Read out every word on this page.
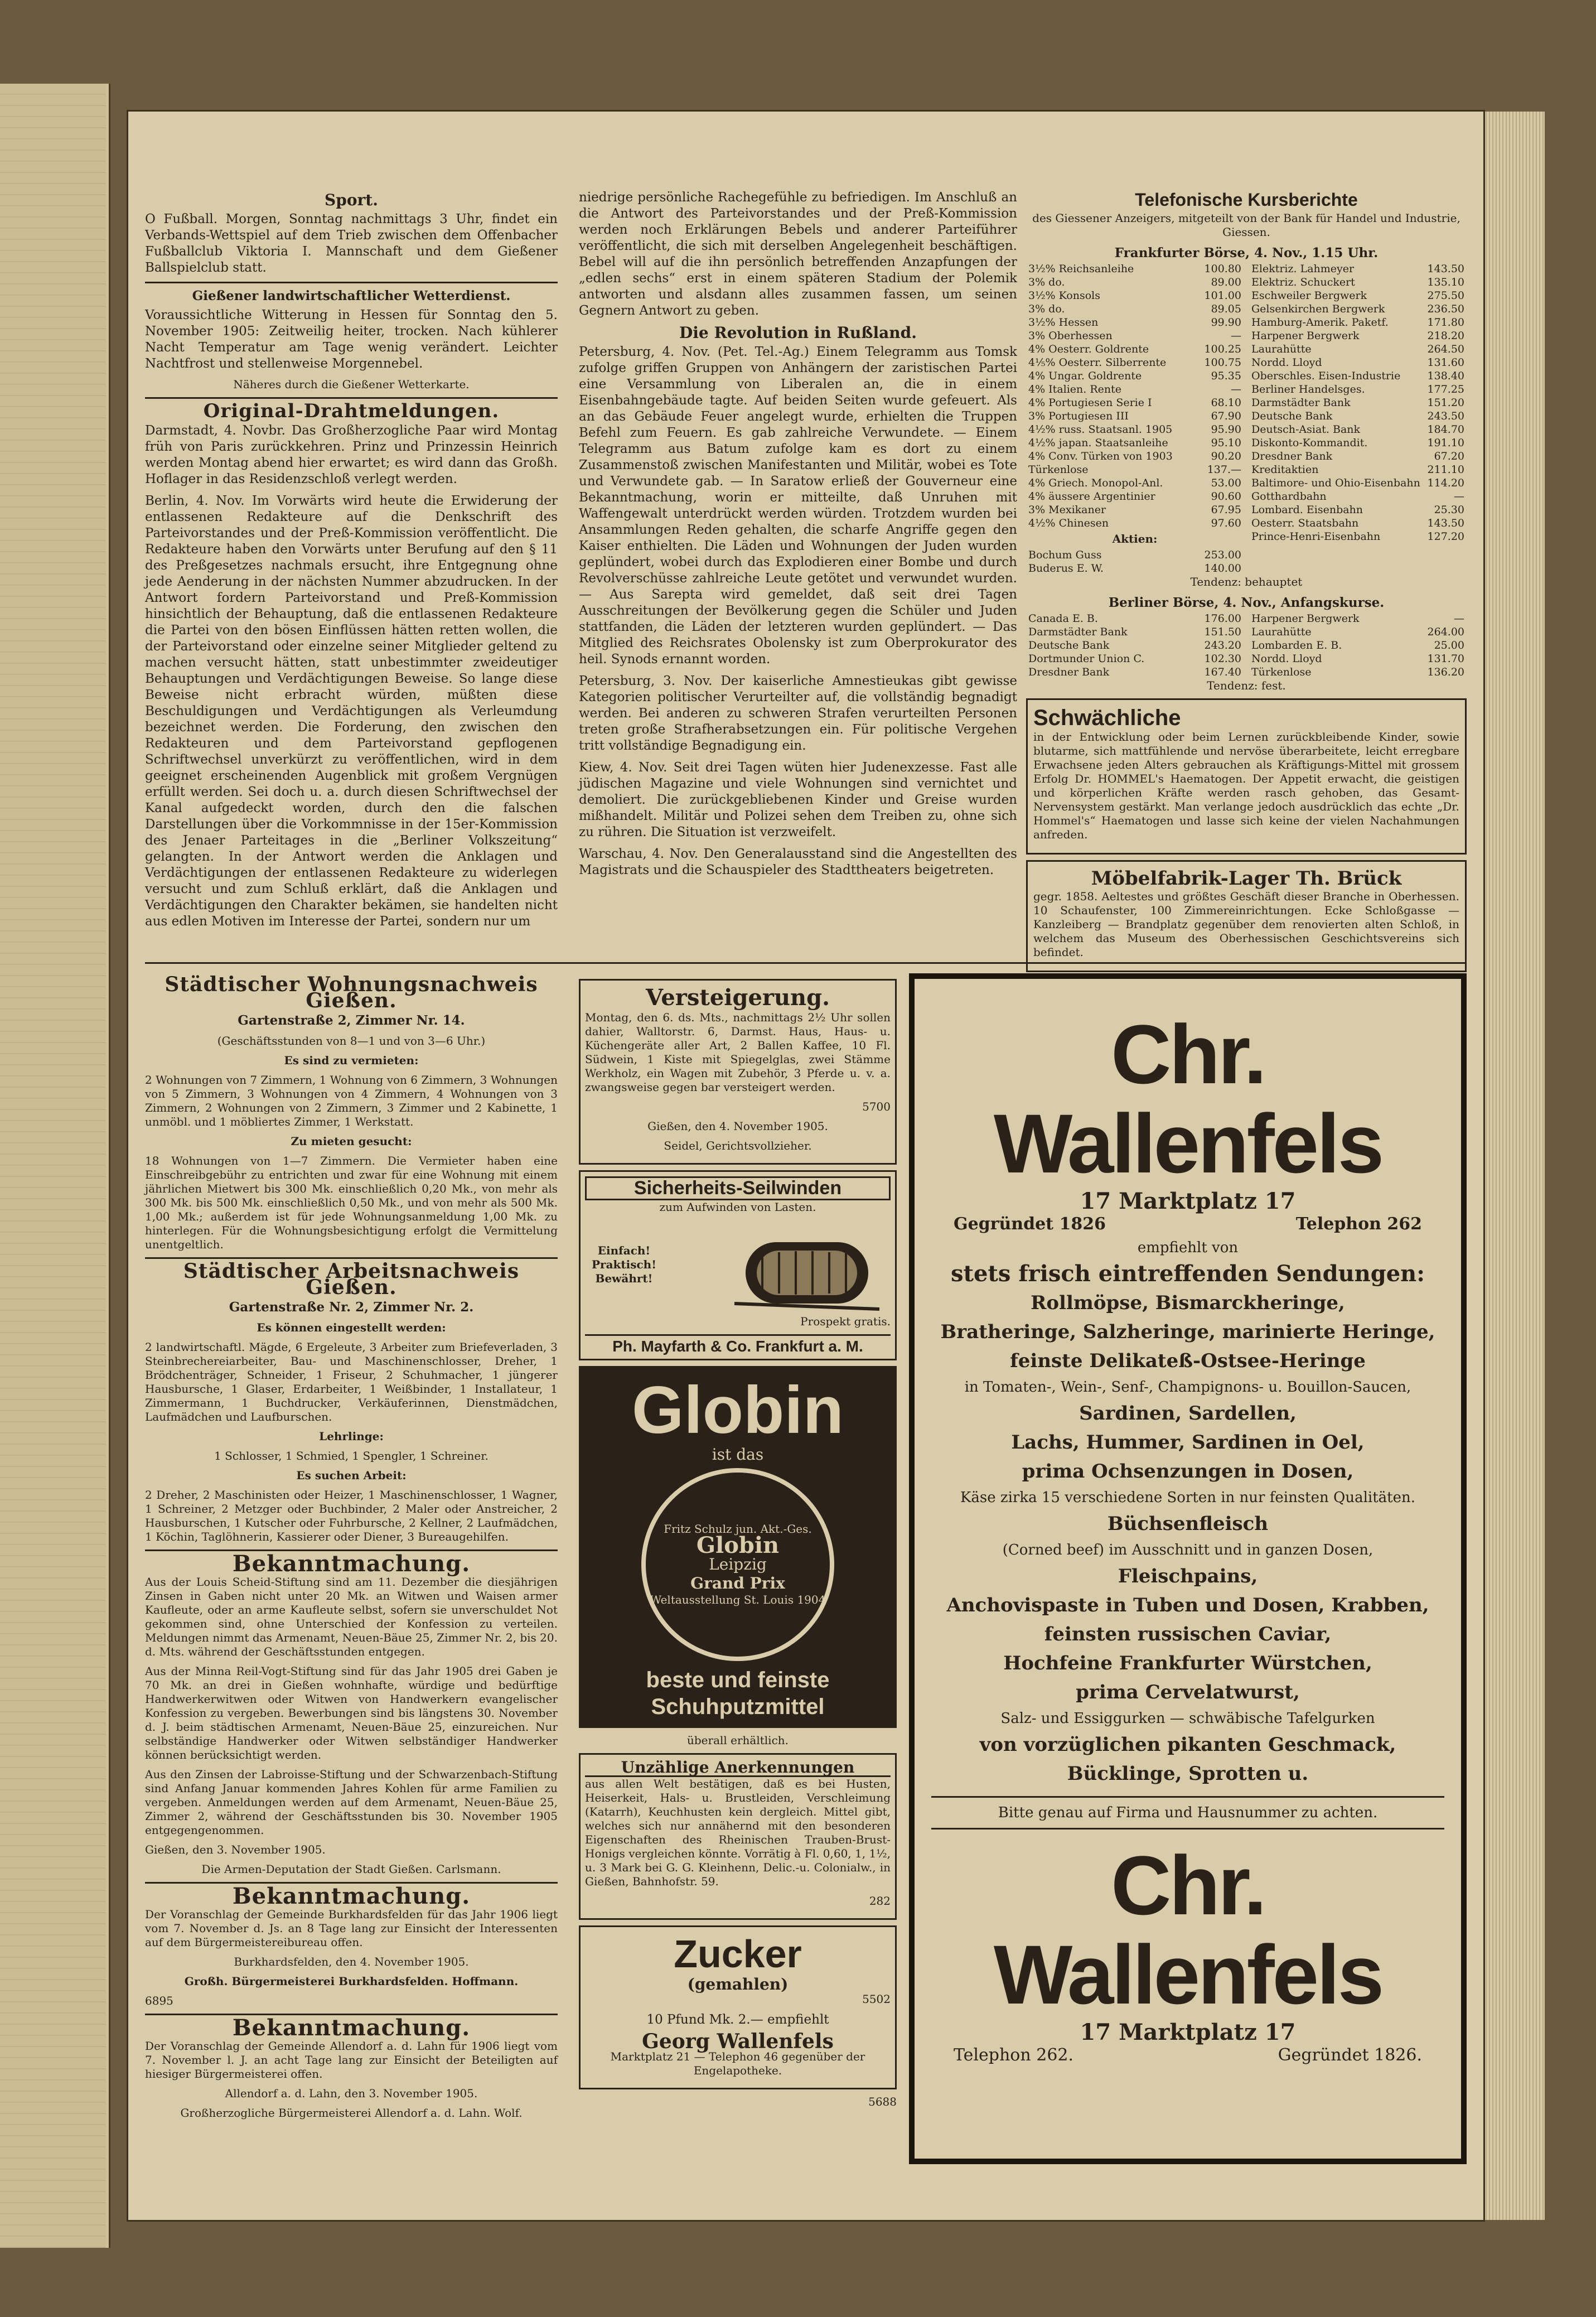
Sport.

O Fußball. Morgen, Sonntag nachmittags 3 Uhr, findet ein Verbands-Wettspiel auf dem Trieb zwischen dem Offenbacher Fußballclub Viktoria I. Mannschaft und dem Gießener Ballspielclub statt.

Gießener landwirtschaftlicher Wetterdienst.

Voraussichtliche Witterung in Hessen für Sonntag den 5. November 1905: Zeitweilig heiter, trocken. Nach kühlerer Nacht Temperatur am Tage wenig verändert. Leichter Nachtfrost und stellenweise Morgennebel.

Näheres durch die Gießener Wetterkarte.

Original-Drahtmeldungen.

Darmstadt, 4. Novbr. Das Großherzogliche Paar wird Montag früh von Paris zurückkehren. Prinz und Prinzessin Heinrich werden Montag abend hier erwartet; es wird dann das Großh. Hoflager in das Residenzschloß verlegt werden.

Berlin, 4. Nov. Im Vorwärts wird heute die Erwiderung der entlassenen Redakteure auf die Denkschrift des Parteivorstandes und der Preß-Kommission veröffentlicht. Die Redakteure haben den Vorwärts unter Berufung auf den § 11 des Preßgesetzes nachmals ersucht, ihre Entgegnung ohne jede Aenderung in der nächsten Nummer abzudrucken. In der Antwort fordern Parteivorstand und Preß-Kommission hinsichtlich der Behauptung, daß die entlassenen Redakteure die Partei von den bösen Einflüssen hätten retten wollen, die der Parteivorstand oder einzelne seiner Mitglieder geltend zu machen versucht hätten, statt unbestimmter zweideutiger Behauptungen und Verdächtigungen Beweise. So lange diese Beweise nicht erbracht würden, müßten diese Beschuldigungen und Verdächtigungen als Verleumdung bezeichnet werden. Die Forderung, den zwischen den Redakteuren und dem Parteivorstand gepflogenen Schriftwechsel unverkürzt zu veröffentlichen, wird in dem geeignet erscheinenden Augenblick mit großem Vergnügen erfüllt werden. Sei doch u. a. durch diesen Schriftwechsel der Kanal aufgedeckt worden, durch den die falschen Darstellungen über die Vorkommnisse in der 15er-Kommission des Jenaer Parteitages in die „Berliner Volkszeitung“ gelangten. In der Antwort werden die Anklagen und Verdächtigungen der entlassenen Redakteure zu widerlegen versucht und zum Schluß erklärt, daß die Anklagen und Verdächtigungen den Charakter bekämen, sie handelten nicht aus edlen Motiven im Interesse der Partei, sondern nur um

niedrige persönliche Rachegefühle zu befriedigen. Im Anschluß an die Antwort des Parteivorstandes und der Preß-Kommission werden noch Erklärungen Bebels und anderer Parteiführer veröffentlicht, die sich mit derselben Angelegenheit beschäftigen. Bebel will auf die ihn persönlich betreffenden Anzapfungen der „edlen sechs“ erst in einem späteren Stadium der Polemik antworten und alsdann alles zusammen fassen, um seinen Gegnern Antwort zu geben.

Die Revolution in Rußland.

Petersburg, 4. Nov. (Pet. Tel.-Ag.) Einem Telegramm aus Tomsk zufolge griffen Gruppen von Anhängern der zaristischen Partei eine Versammlung von Liberalen an, die in einem Eisenbahngebäude tagte. Auf beiden Seiten wurde gefeuert. Als an das Gebäude Feuer angelegt wurde, erhielten die Truppen Befehl zum Feuern. Es gab zahlreiche Verwundete. — Einem Telegramm aus Batum zufolge kam es dort zu einem Zusammenstoß zwischen Manifestanten und Militär, wobei es Tote und Verwundete gab. — In Saratow erließ der Gouverneur eine Bekanntmachung, worin er mitteilte, daß Unruhen mit Waffengewalt unterdrückt werden würden. Trotzdem wurden bei Ansammlungen Reden gehalten, die scharfe Angriffe gegen den Kaiser enthielten. Die Läden und Wohnungen der Juden wurden geplündert, wobei durch das Explodieren einer Bombe und durch Revolverschüsse zahlreiche Leute getötet und verwundet wurden. — Aus Sarepta wird gemeldet, daß seit drei Tagen Ausschreitungen der Bevölkerung gegen die Schüler und Juden stattfanden, die Läden der letzteren wurden geplündert. — Das Mitglied des Reichsrates Obolensky ist zum Oberprokurator des heil. Synods ernannt worden.

Petersburg, 3. Nov. Der kaiserliche Amnestieukas gibt gewisse Kategorien politischer Verurteilter auf, die vollständig begnadigt werden. Bei anderen zu schweren Strafen verurteilten Personen treten große Strafherabsetzungen ein. Für politische Vergehen tritt vollständige Begnadigung ein.

Kiew, 4. Nov. Seit drei Tagen wüten hier Judenexzesse. Fast alle jüdischen Magazine und viele Wohnungen sind vernichtet und demoliert. Die zurückgebliebenen Kinder und Greise wurden mißhandelt. Militär und Polizei sehen dem Treiben zu, ohne sich zu rühren. Die Situation ist verzweifelt.

Warschau, 4. Nov. Den Generalausstand sind die Angestellten des Magistrats und die Schauspieler des Stadttheaters beigetreten.

Telefonische Kursberichte

des Giessener Anzeigers, mitgeteilt von der Bank für Handel und Industrie, Giessen.

Frankfurter Börse, 4. Nov., 1.15 Uhr.

3½% Reichsanleihe	100.80
3% do.	89.00
3½% Konsols	101.00
3% do.	89.05
3½% Hessen	99.90
3% Oberhessen	—
4% Oesterr. Goldrente	100.25
4⅕% Oesterr. Silberrente	100.75
4% Ungar. Goldrente	95.35
4% Italien. Rente	—
4% Portugiesen Serie I	68.10
3% Portugiesen III	67.90
4½% russ. Staatsanl. 1905	95.90
4½% japan. Staatsanleihe	95.10
4% Conv. Türken von 1903	90.20
Türkenlose	137.—
4% Griech. Monopol-Anl.	53.00
4% äussere Argentinier	90.60
3% Mexikaner	67.95
4½% Chinesen	97.60

Aktien:

Bochum Guss	253.00
Buderus E. W.	140.00
Elektriz. Lahmeyer	143.50
Elektriz. Schuckert	135.10
Eschweiler Bergwerk	275.50
Gelsenkirchen Bergwerk	236.50
Hamburg-Amerik. Paketf.	171.80
Harpener Bergwerk	218.20
Laurahütte	264.50
Nordd. Lloyd	131.60
Oberschles. Eisen-Industrie	138.40
Berliner Handelsges.	177.25
Darmstädter Bank	151.20
Deutsche Bank	243.50
Deutsch-Asiat. Bank	184.70
Diskonto-Kommandit.	191.10
Dresdner Bank	67.20
Kreditaktien	211.10
Baltimore- und Ohio-Eisenbahn	114.20
Gotthardbahn	—
Lombard. Eisenbahn	25.30
Oesterr. Staatsbahn	143.50
Prince-Henri-Eisenbahn	127.20

Tendenz: behauptet

Berliner Börse, 4. Nov., Anfangskurse.

Canada E. B.	176.00
Darmstädter Bank	151.50
Deutsche Bank	243.20
Dortmunder Union C.	102.30
Dresdner Bank	167.40
Harpener Bergwerk	—
Laurahütte	264.00
Lombarden E. B.	25.00
Nordd. Lloyd	131.70
Türkenlose	136.20

Tendenz: fest.

Schwächliche

in der Entwicklung oder beim Lernen zurückbleibende Kinder, sowie blutarme, sich mattfühlende und nervöse überarbeitete, leicht erregbare Erwachsene jeden Alters gebrauchen als Kräftigungs-Mittel mit grossem Erfolg Dr. HOMMEL's Haematogen. Der Appetit erwacht, die geistigen und körperlichen Kräfte werden rasch gehoben, das Gesamt-Nervensystem gestärkt. Man verlange jedoch ausdrücklich das echte „Dr. Hommel's“ Haematogen und lasse sich keine der vielen Nachahmungen anfreden.

Möbelfabrik-Lager Th. Brück

gegr. 1858. Aeltestes und größtes Geschäft dieser Branche in Oberhessen. 10 Schaufenster, 100 Zimmereinrichtungen. Ecke Schloßgasse — Kanzleiberg — Brandplatz gegenüber dem renovierten alten Schloß, in welchem das Museum des Oberhessischen Geschichtsvereins sich befindet.

Städtischer Wohnungsnachweis Gießen.

Gartenstraße 2, Zimmer Nr. 14.

(Geschäftsstunden von 8—1 und von 3—6 Uhr.)

Es sind zu vermieten:

2 Wohnungen von 7 Zimmern, 1 Wohnung von 6 Zimmern, 3 Wohnungen von 5 Zimmern, 3 Wohnungen von 4 Zimmern, 4 Wohnungen von 3 Zimmern, 2 Wohnungen von 2 Zimmern, 3 Zimmer und 2 Kabinette, 1 unmöbl. und 1 möbliertes Zimmer, 1 Werkstatt.

Zu mieten gesucht:

18 Wohnungen von 1—7 Zimmern. Die Vermieter haben eine Einschreibgebühr zu entrichten und zwar für eine Wohnung mit einem jährlichen Mietwert bis 300 Mk. einschließlich 0,20 Mk., von mehr als 300 Mk. bis 500 Mk. einschließlich 0,50 Mk., und von mehr als 500 Mk. 1,00 Mk.; außerdem ist für jede Wohnungsanmeldung 1,00 Mk. zu hinterlegen. Für die Wohnungsbesichtigung erfolgt die Vermittelung unentgeltlich.

Städtischer Arbeitsnachweis Gießen.

Gartenstraße Nr. 2, Zimmer Nr. 2.

Es können eingestellt werden:

2 landwirtschaftl. Mägde, 6 Ergeleute, 3 Arbeiter zum Briefeverladen, 3 Steinbrechereiarbeiter, Bau- und Maschinenschlosser, Dreher, 1 Brödchenträger, Schneider, 1 Friseur, 2 Schuhmacher, 1 jüngerer Hausbursche, 1 Glaser, Erdarbeiter, 1 Weißbinder, 1 Installateur, 1 Zimmermann, 1 Buchdrucker, Verkäuferinnen, Dienstmädchen, Laufmädchen und Laufburschen.

Lehrlinge:

1 Schlosser, 1 Schmied, 1 Spengler, 1 Schreiner.

Es suchen Arbeit:

2 Dreher, 2 Maschinisten oder Heizer, 1 Maschinenschlosser, 1 Wagner, 1 Schreiner, 2 Metzger oder Buchbinder, 2 Maler oder Anstreicher, 2 Hausburschen, 1 Kutscher oder Fuhrbursche, 2 Kellner, 2 Laufmädchen, 1 Köchin, Taglöhnerin, Kassierer oder Diener, 3 Bureaugehilfen.

Bekanntmachung.

Aus der Louis Scheid-Stiftung sind am 11. Dezember die diesjährigen Zinsen in Gaben nicht unter 20 Mk. an Witwen und Waisen armer Kaufleute, oder an arme Kaufleute selbst, sofern sie unverschuldet Not gekommen sind, ohne Unterschied der Konfession zu verteilen. Meldungen nimmt das Armenamt, Neuen-Bäue 25, Zimmer Nr. 2, bis 20. d. Mts. während der Geschäftsstunden entgegen.

Aus der Minna Reil-Vogt-Stiftung sind für das Jahr 1905 drei Gaben je 70 Mk. an drei in Gießen wohnhafte, würdige und bedürftige Handwerkerwitwen oder Witwen von Handwerkern evangelischer Konfession zu vergeben. Bewerbungen sind bis längstens 30. November d. J. beim städtischen Armenamt, Neuen-Bäue 25, einzureichen. Nur selbständige Handwerker oder Witwen selbständiger Handwerker können berücksichtigt werden.

Aus den Zinsen der Labroisse-Stiftung und der Schwarzenbach-Stiftung sind Anfang Januar kommenden Jahres Kohlen für arme Familien zu vergeben. Anmeldungen werden auf dem Armenamt, Neuen-Bäue 25, Zimmer 2, während der Geschäftsstunden bis 30. November 1905 entgegengenommen.

Gießen, den 3. November 1905.

Die Armen-Deputation der Stadt Gießen. Carlsmann.

Bekanntmachung.

Der Voranschlag der Gemeinde Burkhardsfelden für das Jahr 1906 liegt vom 7. November d. Js. an 8 Tage lang zur Einsicht der Interessenten auf dem Bürgermeistereibureau offen.

Burkhardsfelden, den 4. November 1905.

Großh. Bürgermeisterei Burkhardsfelden. Hoffmann.

6895

Bekanntmachung.

Der Voranschlag der Gemeinde Allendorf a. d. Lahn für 1906 liegt vom 7. November l. J. an acht Tage lang zur Einsicht der Beteiligten auf hiesiger Bürgermeisterei offen.

Allendorf a. d. Lahn, den 3. November 1905.

Großherzogliche Bürgermeisterei Allendorf a. d. Lahn. Wolf.

Versteigerung.

Montag, den 6. ds. Mts., nachmittags 2½ Uhr sollen dahier, Walltorstr. 6, Darmst. Haus, Haus- u. Küchengeräte aller Art, 2 Ballen Kaffee, 10 Fl. Südwein, 1 Kiste mit Spiegelglas, zwei Stämme Werkholz, ein Wagen mit Zubehör, 3 Pferde u. v. a. zwangsweise gegen bar versteigert werden.

5700

Gießen, den 4. November 1905.

Seidel, Gerichtsvollzieher.

Sicherheits-Seilwinden

zum Aufwinden von Lasten.

Einfach! Praktisch! Bewährt!

Prospekt gratis.

Ph. Mayfarth & Co. Frankfurt a. M.
Globin
ist das
Fritz Schulz jun. Akt.-Ges.
Globin
Leipzig
Grand Prix
Weltausstellung St. Louis 1904
beste und feinste Schuhputzmittel

überall erhältlich.

Unzählige Anerkennungen

aus allen Welt bestätigen, daß es bei Husten, Heiserkeit, Hals- u. Brustleiden, Verschleimung (Katarrh), Keuchhusten kein dergleich. Mittel gibt, welches sich nur annähernd mit den besonderen Eigenschaften des Rheinischen Trauben-Brust-Honigs vergleichen könnte. Vorrätig à Fl. 0,60, 1, 1½, u. 3 Mark bei G. G. Kleinhenn, Delic.-u. Colonialw., in Gießen, Bahnhofstr. 59.

282

Zucker
(gemahlen)

5502

10 Pfund Mk. 2.— empfiehlt

Georg Wallenfels

Marktplatz 21 — Telephon 46 gegenüber der Engelapotheke.

5688

Chr. Wallenfels
17 Marktplatz 17
Gegründet 1826	Telephon 262
empfiehlt von
stets frisch eintreffenden Sendungen:
Rollmöpse, Bismarckheringe,
Bratheringe, Salzheringe, marinierte Heringe,
feinste Delikateß-Ostsee-Heringe
in Tomaten-, Wein-, Senf-, Champignons- u. Bouillon-Saucen,
Sardinen, Sardellen,
Lachs, Hummer, Sardinen in Oel,
prima Ochsenzungen in Dosen,
Käse zirka 15 verschiedene Sorten in nur feinsten Qualitäten.
Büchsenfleisch
(Corned beef) im Ausschnitt und in ganzen Dosen,
Fleischpains,
Anchovispaste in Tuben und Dosen, Krabben,
feinsten russischen Caviar,
Hochfeine Frankfurter Würstchen,
prima Cervelatwurst,
Salz- und Essiggurken — schwäbische Tafelgurken
von vorzüglichen pikanten Geschmack,
Bücklinge, Sprotten u.
Bitte genau auf Firma und Hausnummer zu achten.
Chr. Wallenfels
17 Marktplatz 17
Telephon 262.	Gegründet 1826.
